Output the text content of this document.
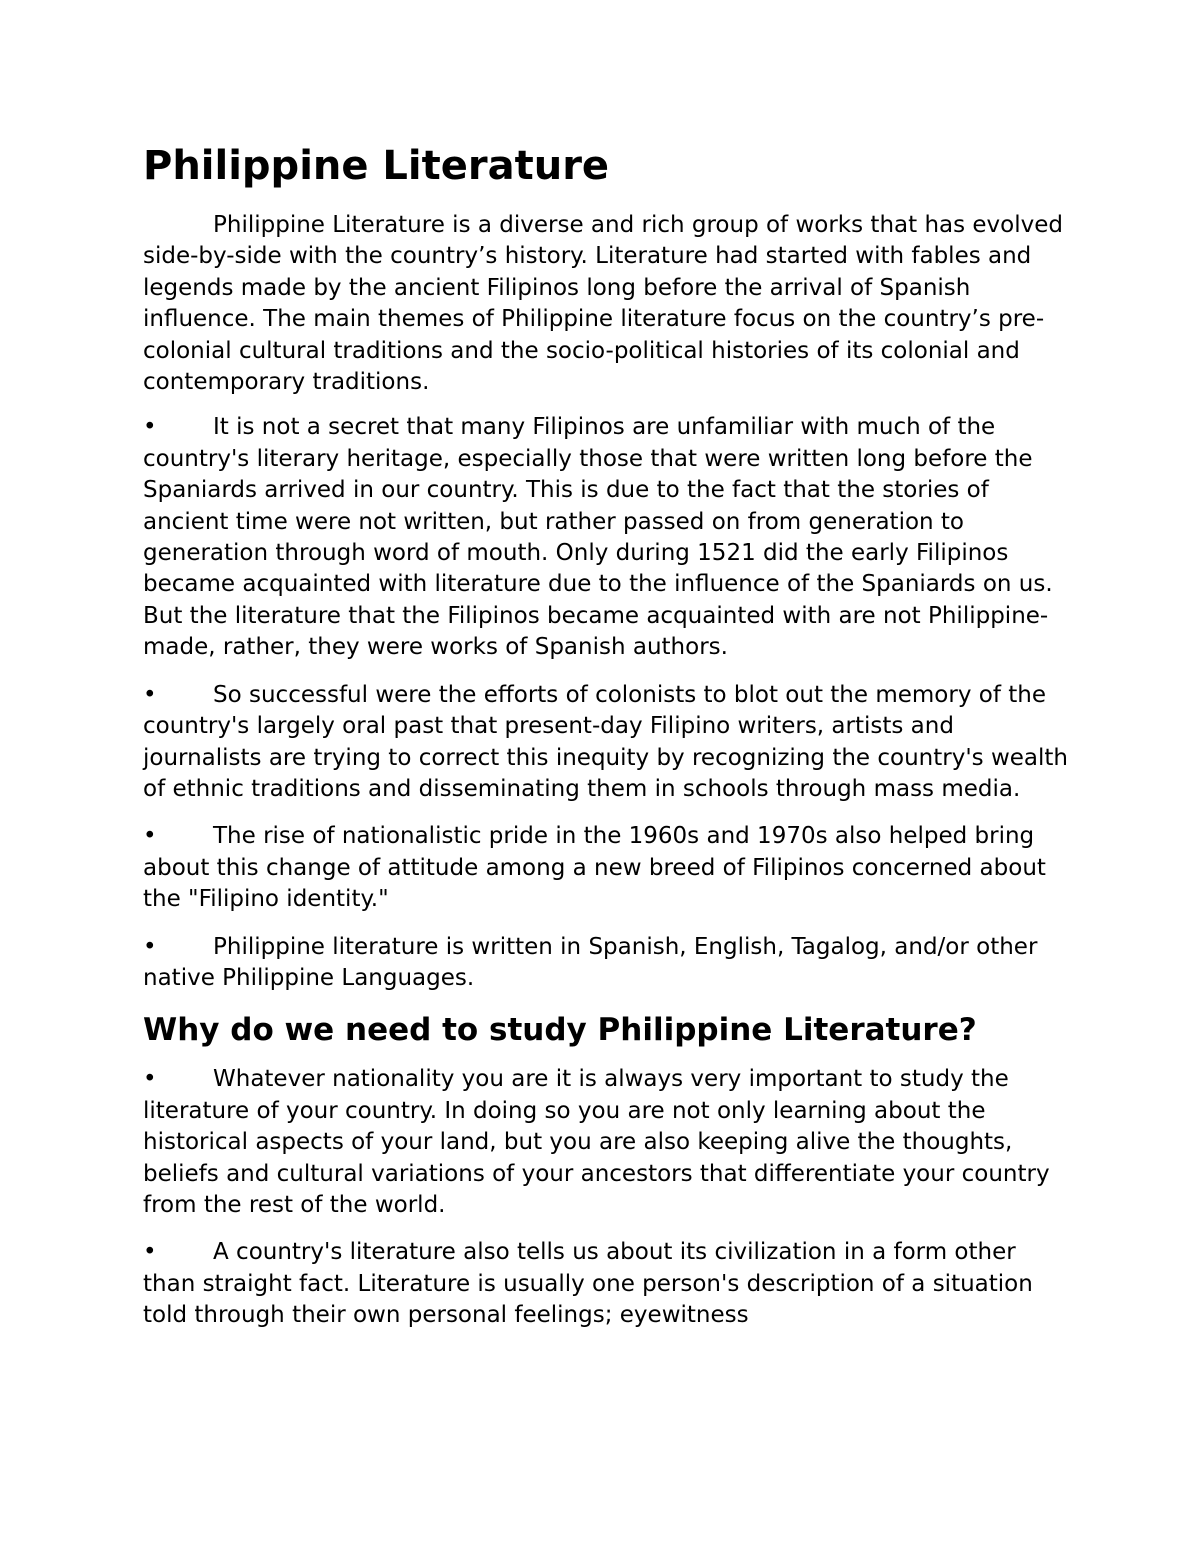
Philippine Literature

Philippine Literature is a diverse and rich group of works that has evolved side-by-side with the country’s history. Literature had started with fables and legends made by the ancient Filipinos long before the arrival of Spanish influence. The main themes of Philippine literature focus on the country’s pre-colonial cultural traditions and the socio-political histories of its colonial and contemporary traditions.

• It is not a secret that many Filipinos are unfamiliar with much of the country's literary heritage, especially those that were written long before the Spaniards arrived in our country. This is due to the fact that the stories of ancient time were not written, but rather passed on from generation to generation through word of mouth. Only during 1521 did the early Filipinos became acquainted with literature due to the influence of the Spaniards on us. But the literature that the Filipinos became acquainted with are not Philippine-made, rather, they were works of Spanish authors.
• So successful were the efforts of colonists to blot out the memory of the country's largely oral past that present-day Filipino writers, artists and journalists are trying to correct this inequity by recognizing the country's wealth of ethnic traditions and disseminating them in schools through mass media.
• The rise of nationalistic pride in the 1960s and 1970s also helped bring about this change of attitude among a new breed of Filipinos concerned about the "Filipino identity."
• Philippine literature is written in Spanish, English, Tagalog, and/or other native Philippine Languages.
Why do we need to study Philippine Literature?
• Whatever nationality you are it is always very important to study the literature of your country. In doing so you are not only learning about the historical aspects of your land, but you are also keeping alive the thoughts, beliefs and cultural variations of your ancestors that differentiate your country from the rest of the world.
• A country's literature also tells us about its civilization in a form other than straight fact. Literature is usually one person's description of a situation told through their own personal feelings; eyewitness
